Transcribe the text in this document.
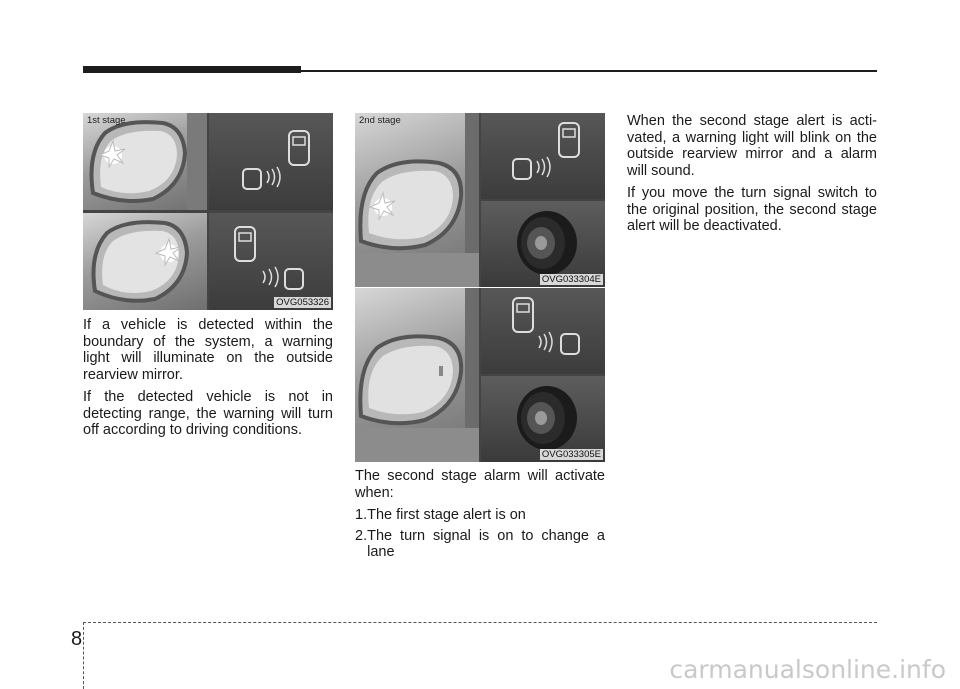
1st stage
OVG053326

If a vehicle is detected within the boundary of the system, a warning light will illuminate on the outside rearview mirror.

If the detected vehicle is not in detecting range, the warning will turn off according to driving conditions.

2nd stage
OVG033304E
OVG033305E

The second stage alarm will activate when:

1. The first stage alert is on
2. The turn signal is on to change a lane

When the second stage alert is acti- vated, a warning light will blink on the outside rearview mirror and a alarm will sound.

If you move the turn signal switch to the original position, the second stage alert will be deactivated.

8
carmanualsonline.info
